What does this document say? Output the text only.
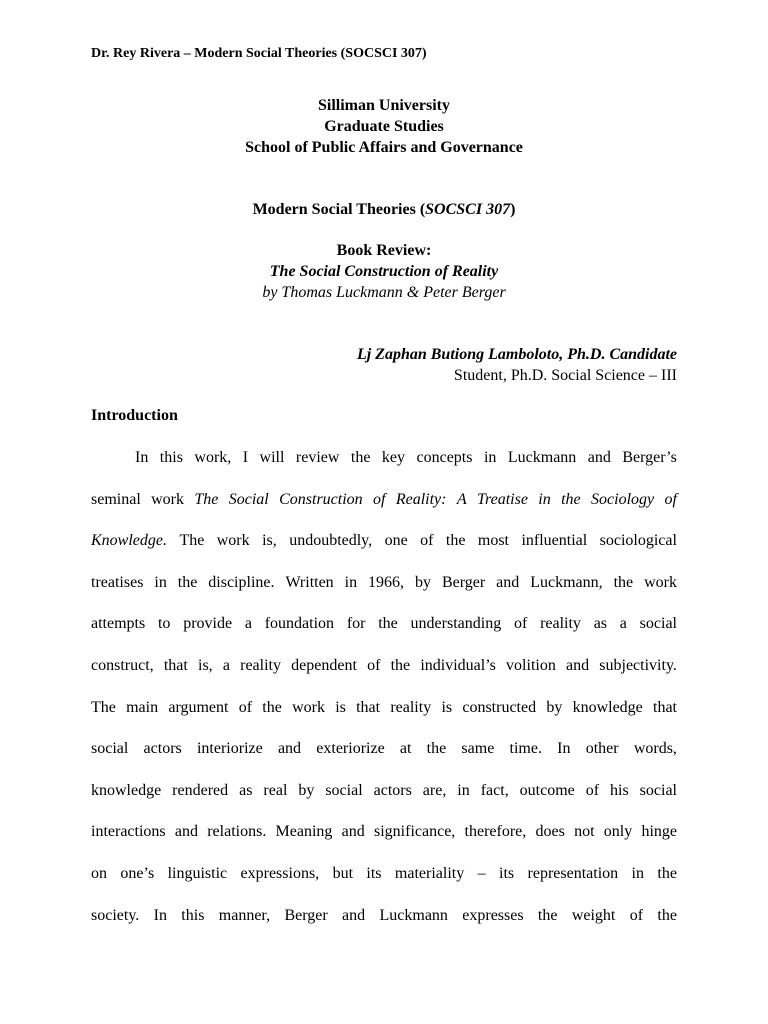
Dr. Rey Rivera – Modern Social Theories (SOCSCI 307)
Silliman University
Graduate Studies
School of Public Affairs and Governance
Modern Social Theories (SOCSCI 307)
Book Review:
The Social Construction of Reality
by Thomas Luckmann & Peter Berger
Lj Zaphan Butiong Lamboloto, Ph.D. Candidate
Student, Ph.D. Social Science – III
Introduction
In this work, I will review the key concepts in Luckmann and Berger’s
seminal work The Social Construction of Reality: A Treatise in the Sociology of
Knowledge. The work is, undoubtedly, one of the most influential sociological
treatises in the discipline. Written in 1966, by Berger and Luckmann, the work
attempts to provide a foundation for the understanding of reality as a social
construct, that is, a reality dependent of the individual’s volition and subjectivity.
The main argument of the work is that reality is constructed by knowledge that
social actors interiorize and exteriorize at the same time. In other words,
knowledge rendered as real by social actors are, in fact, outcome of his social
interactions and relations. Meaning and significance, therefore, does not only hinge
on one’s linguistic expressions, but its materiality – its representation in the
society. In this manner, Berger and Luckmann expresses the weight of the
